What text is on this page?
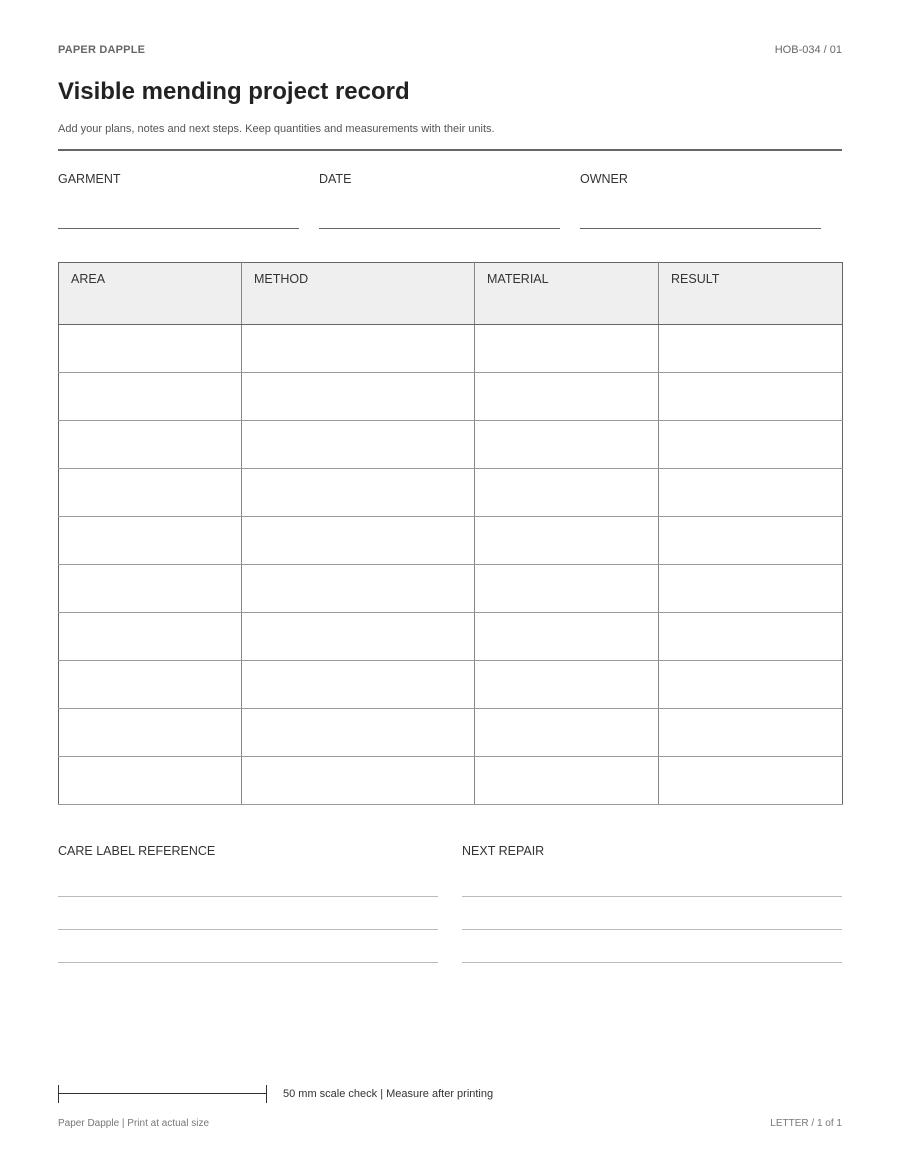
PAPER DAPPLE	HOB-034 / 01
Visible mending project record
Add your plans, notes and next steps. Keep quantities and measurements with their units.
GARMENT	DATE	OWNER
AREA	METHOD	MATERIAL	RESULT

CARE LABEL REFERENCE	NEXT REPAIR
50 mm scale check | Measure after printing
Paper Dapple | Print at actual size	LETTER / 1 of 1
